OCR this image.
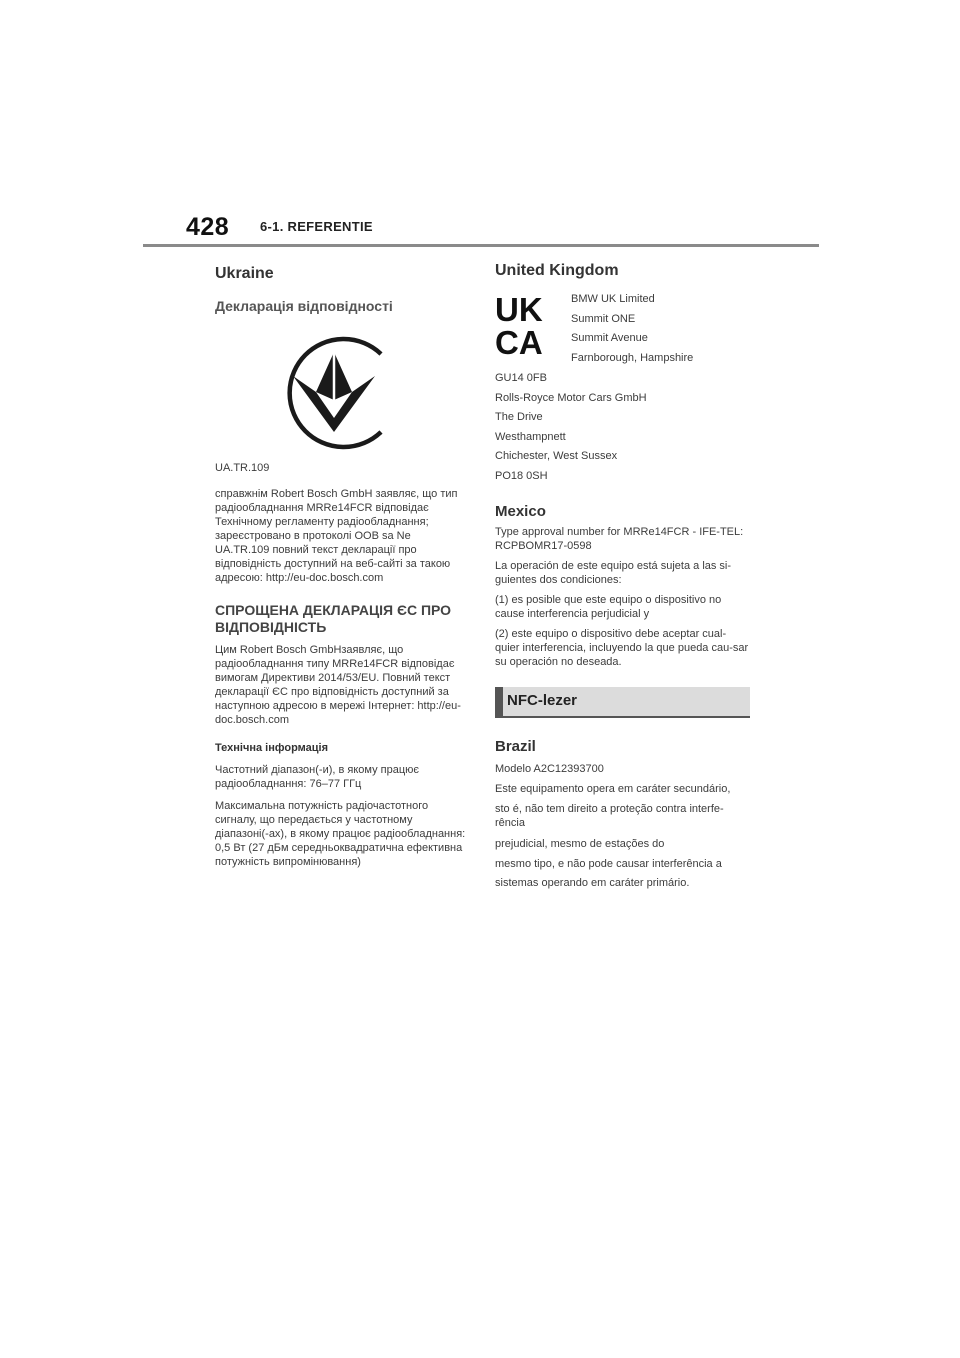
428 6-1. REFERENTIE
Ukraine
Декларація відповідності

UA.TR.109

справжнім Robert Bosch GmbH заявляє, що тип радіообладнання MRRe14FCR відповідає Технічному регламенту радіообладнання; зареєстровано в протоколі OOB sa Ne UA.TR.109 повний текст декларації про відповідність доступний на веб-сайті за такою адресою: http://eu-doc.bosch.com

СПРОЩЕНА ДЕКЛАРАЦІЯ ЄС ПРО ВІДПОВІДНІСТЬ

Цим Robert Bosch GmbHзаявляє, що радіообладнання типу MRRe14FCR відповідає вимогам Директиви 2014/53/EU. Повний текст декларації ЄС про відповідність доступний за наступною адресою в мережі Інтернет: http://eu-doc.bosch.com

Технічна інформація

Частотний діапазон(-и), в якому працює радіообладнання: 76–77 ГГц

Максимальна потужність радіочастотного сигналу, що передається у частотному діапазоні(-ах), в якому працює радіообладнання: 0,5 Вт (27 дБм середньоквадратична ефективна потужність випромінювання)

United Kingdom
UK
CA

BMW UK Limited

Summit ONE

Summit Avenue

Farnborough, Hampshire

GU14 0FB

Rolls-Royce Motor Cars GmbH

The Drive

Westhampnett

Chichester, West Sussex

PO18 0SH

Mexico

Type approval number for MRRe14FCR - IFE-TEL: RCPBOMR17-0598

La operación de este equipo está sujeta a las si-guientes dos condiciones:

(1) es posible que este equipo o dispositivo no cause interferencia perjudicial y

(2) este equipo o dispositivo debe aceptar cual-quier interferencia, incluyendo la que pueda cau-sar su operación no deseada.

NFC-lezer
Brazil

Modelo A2C12393700

Este equipamento opera em caráter secundário,

sto é, não tem direito a proteção contra interfe-rência

prejudicial, mesmo de estações do

mesmo tipo, e não pode causar interferência a

sistemas operando em caráter primário.
